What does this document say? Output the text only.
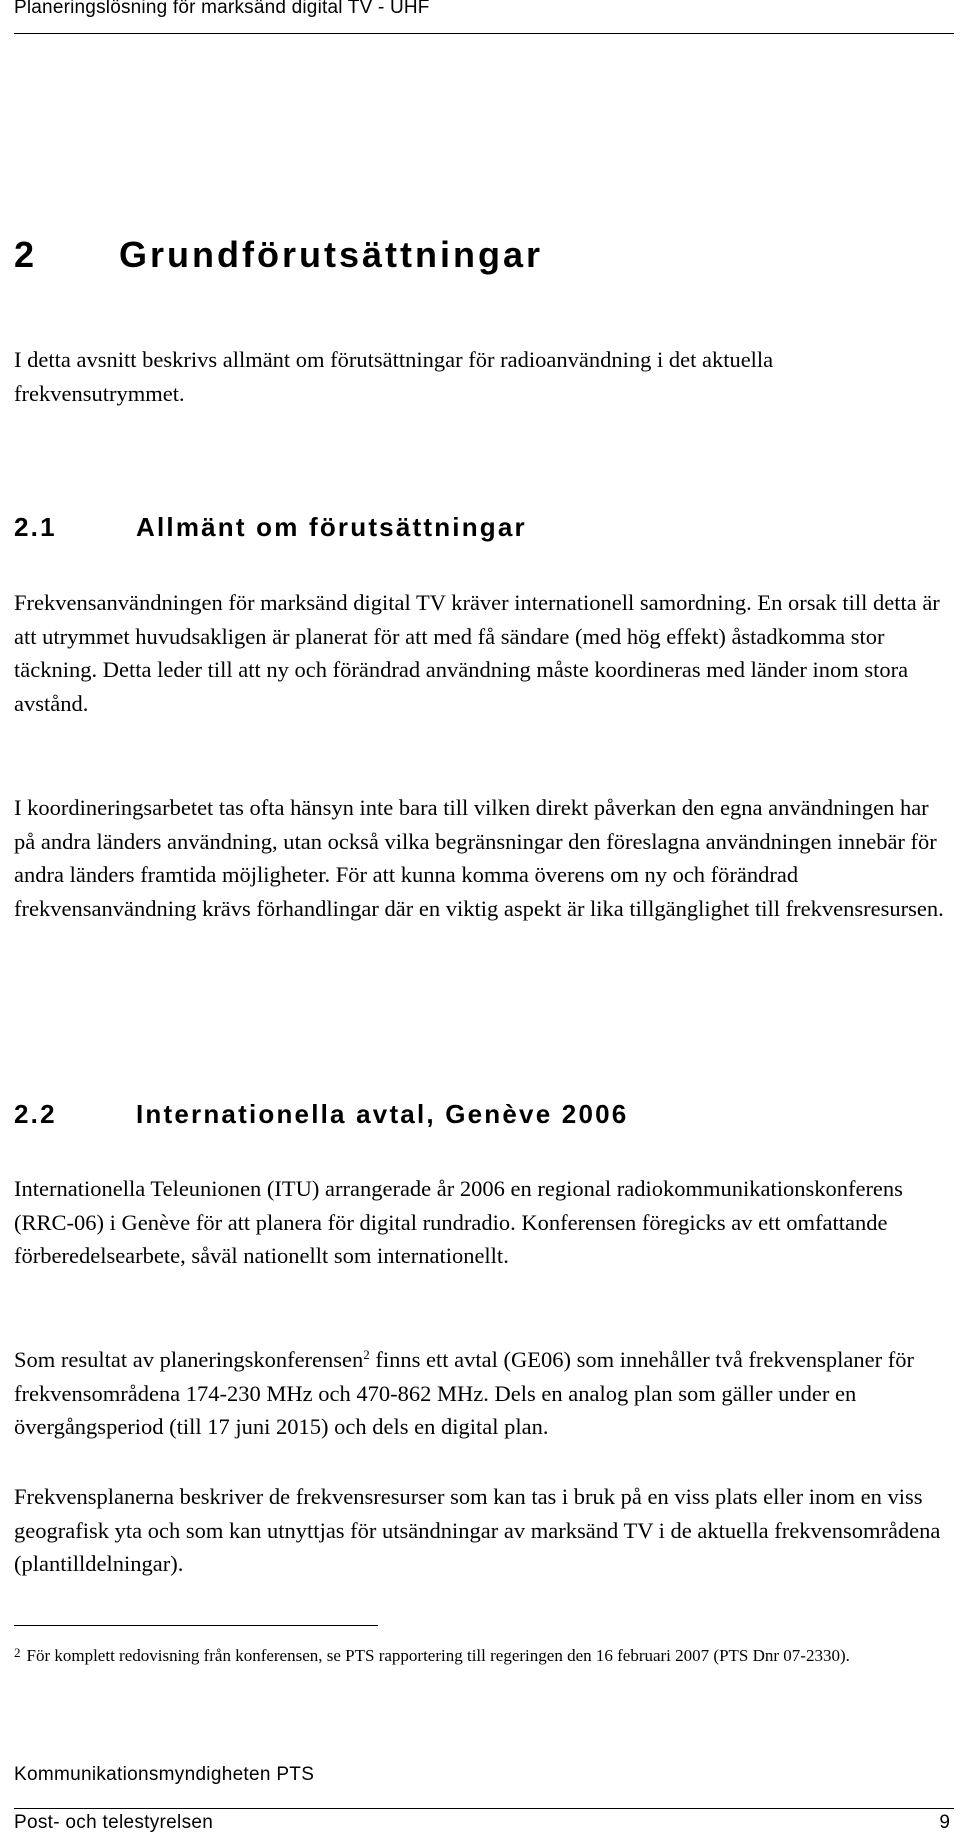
Planeringslösning för marksänd digital TV - UHF
2 Grundförutsättningar

I detta avsnitt beskrivs allmänt om förutsättningar för radioanvändning i det aktuella frekvensutrymmet.

2.1	Allmänt om förutsättningar

Frekvensanvändningen för marksänd digital TV kräver internationell samordning. En orsak till detta är att utrymmet huvudsakligen är planerat för att med få sändare (med hög effekt) åstadkomma stor täckning. Detta leder till att ny och förändrad användning måste koordineras med länder inom stora avstånd.

I koordineringsarbetet tas ofta hänsyn inte bara till vilken direkt påverkan den egna användningen har på andra länders användning, utan också vilka begränsningar den föreslagna användningen innebär för andra länders framtida möjligheter. För att kunna komma överens om ny och förändrad frekvensanvändning krävs förhandlingar där en viktig aspekt är lika tillgänglighet till frekvensresursen.

2.2	Internationella avtal, Genève 2006

Internationella Teleunionen (ITU) arrangerade år 2006 en regional radiokommunikationskonferens (RRC-06) i Genève för att planera för digital rundradio. Konferensen föregicks av ett omfattande förberedelsearbete, såväl nationellt som internationellt.

Som resultat av planeringskonferensen$^2$ finns ett avtal (GE06) som innehåller två frekvensplaner för frekvensområdena 174-230 MHz och 470-862 MHz. Dels en analog plan som gäller under en övergångsperiod (till 17 juni 2015) och dels en digital plan.

Frekvensplanerna beskriver de frekvensresurser som kan tas i bruk på en viss plats eller inom en viss geografisk yta och som kan utnyttjas för utsändningar av marksänd TV i de aktuella frekvensområdena (plantilldelningar).

$^2$ För komplett redovisning från konferensen, se PTS rapportering till regeringen den 16 februari 2007 (PTS Dnr 07-2330).

Kommunikationsmyndigheten PTS
Post- och telestyrelsen	9
